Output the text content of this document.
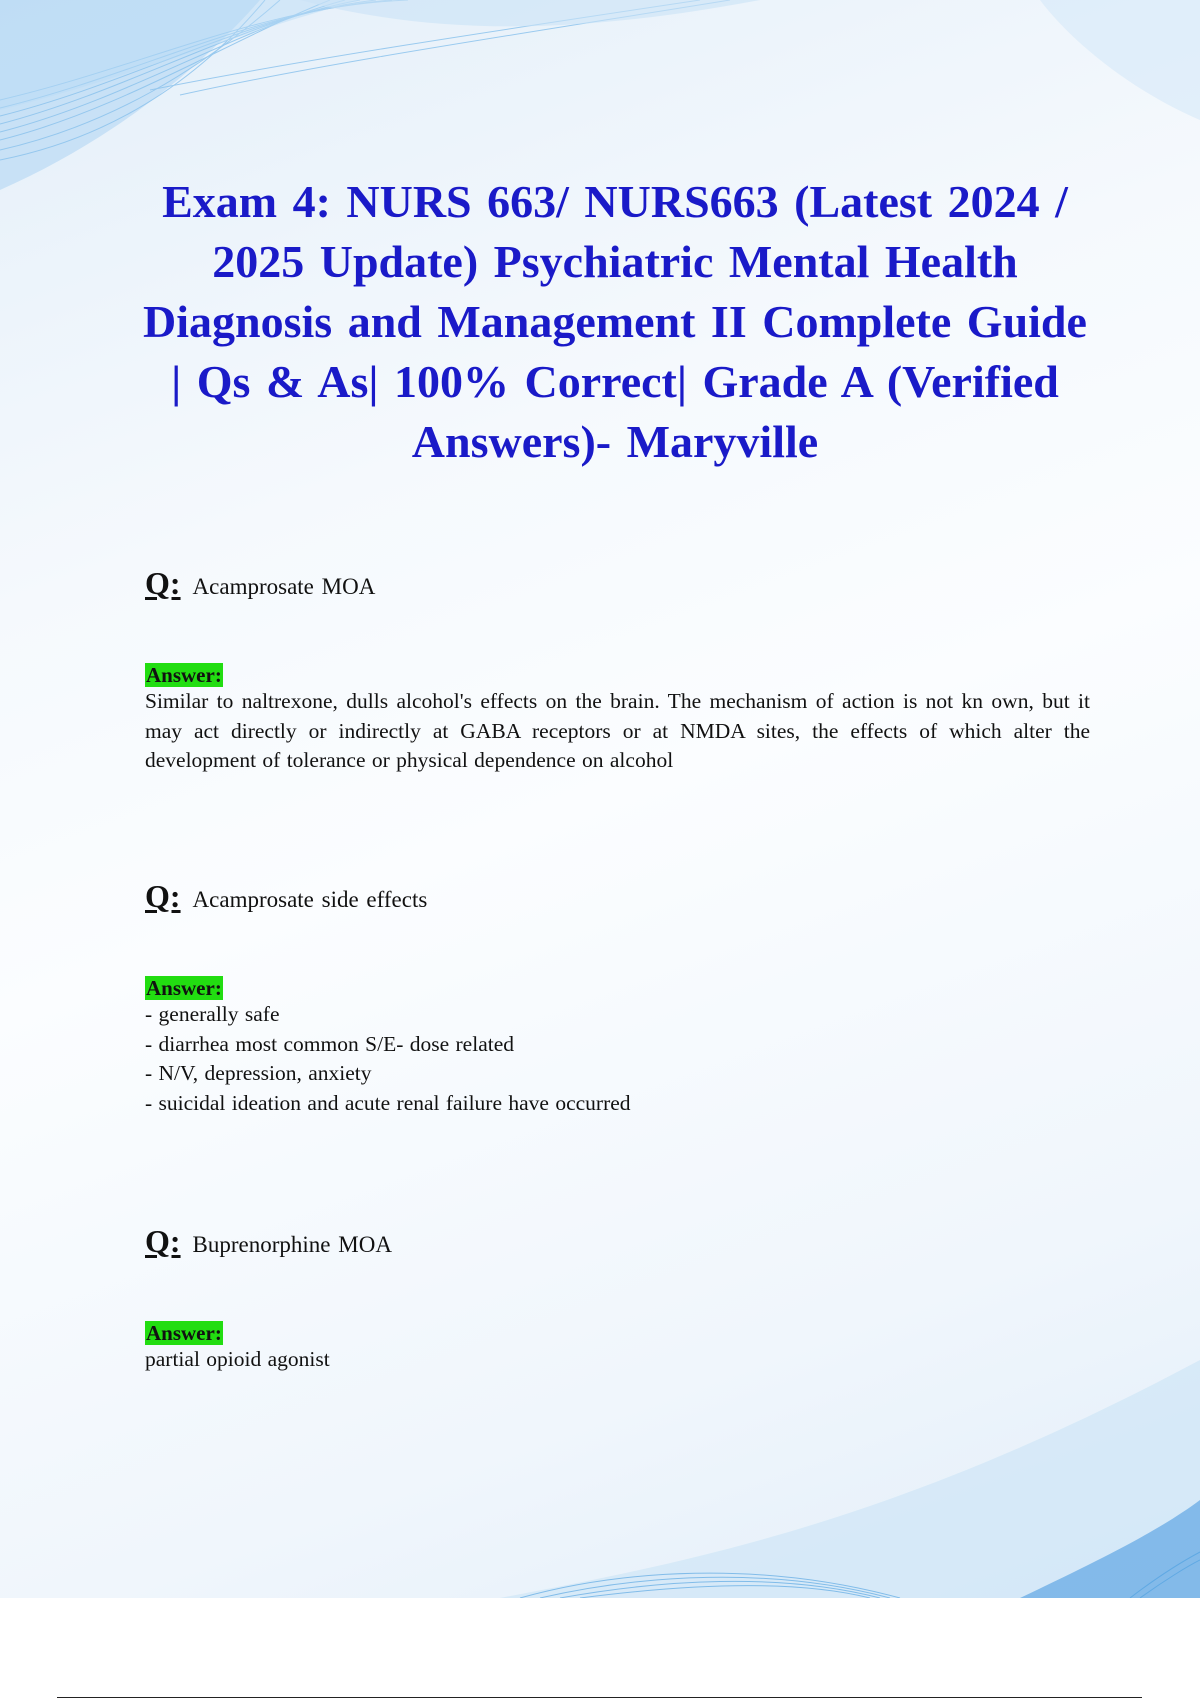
Exam 4: NURS 663/ NURS663 (Latest 2024 / 2025 Update) Psychiatric Mental Health Diagnosis and Management II Complete Guide | Qs & As| 100% Correct| Grade A (Verified Answers)- Maryville
Q: Acamprosate MOA
Answer:
Similar to naltrexone, dulls alcohol's effects on the brain. The mechanism of action is not kn own, but it may act directly or indirectly at GABA receptors or at NMDA sites, the effects of which alter the development of tolerance or physical dependence on alcohol
Q: Acamprosate side effects
Answer:
- generally safe
- diarrhea most common S/E- dose related
- N/V, depression, anxiety
- suicidal ideation and acute renal failure have occurred
Q: Buprenorphine MOA
Answer:
partial opioid agonist
